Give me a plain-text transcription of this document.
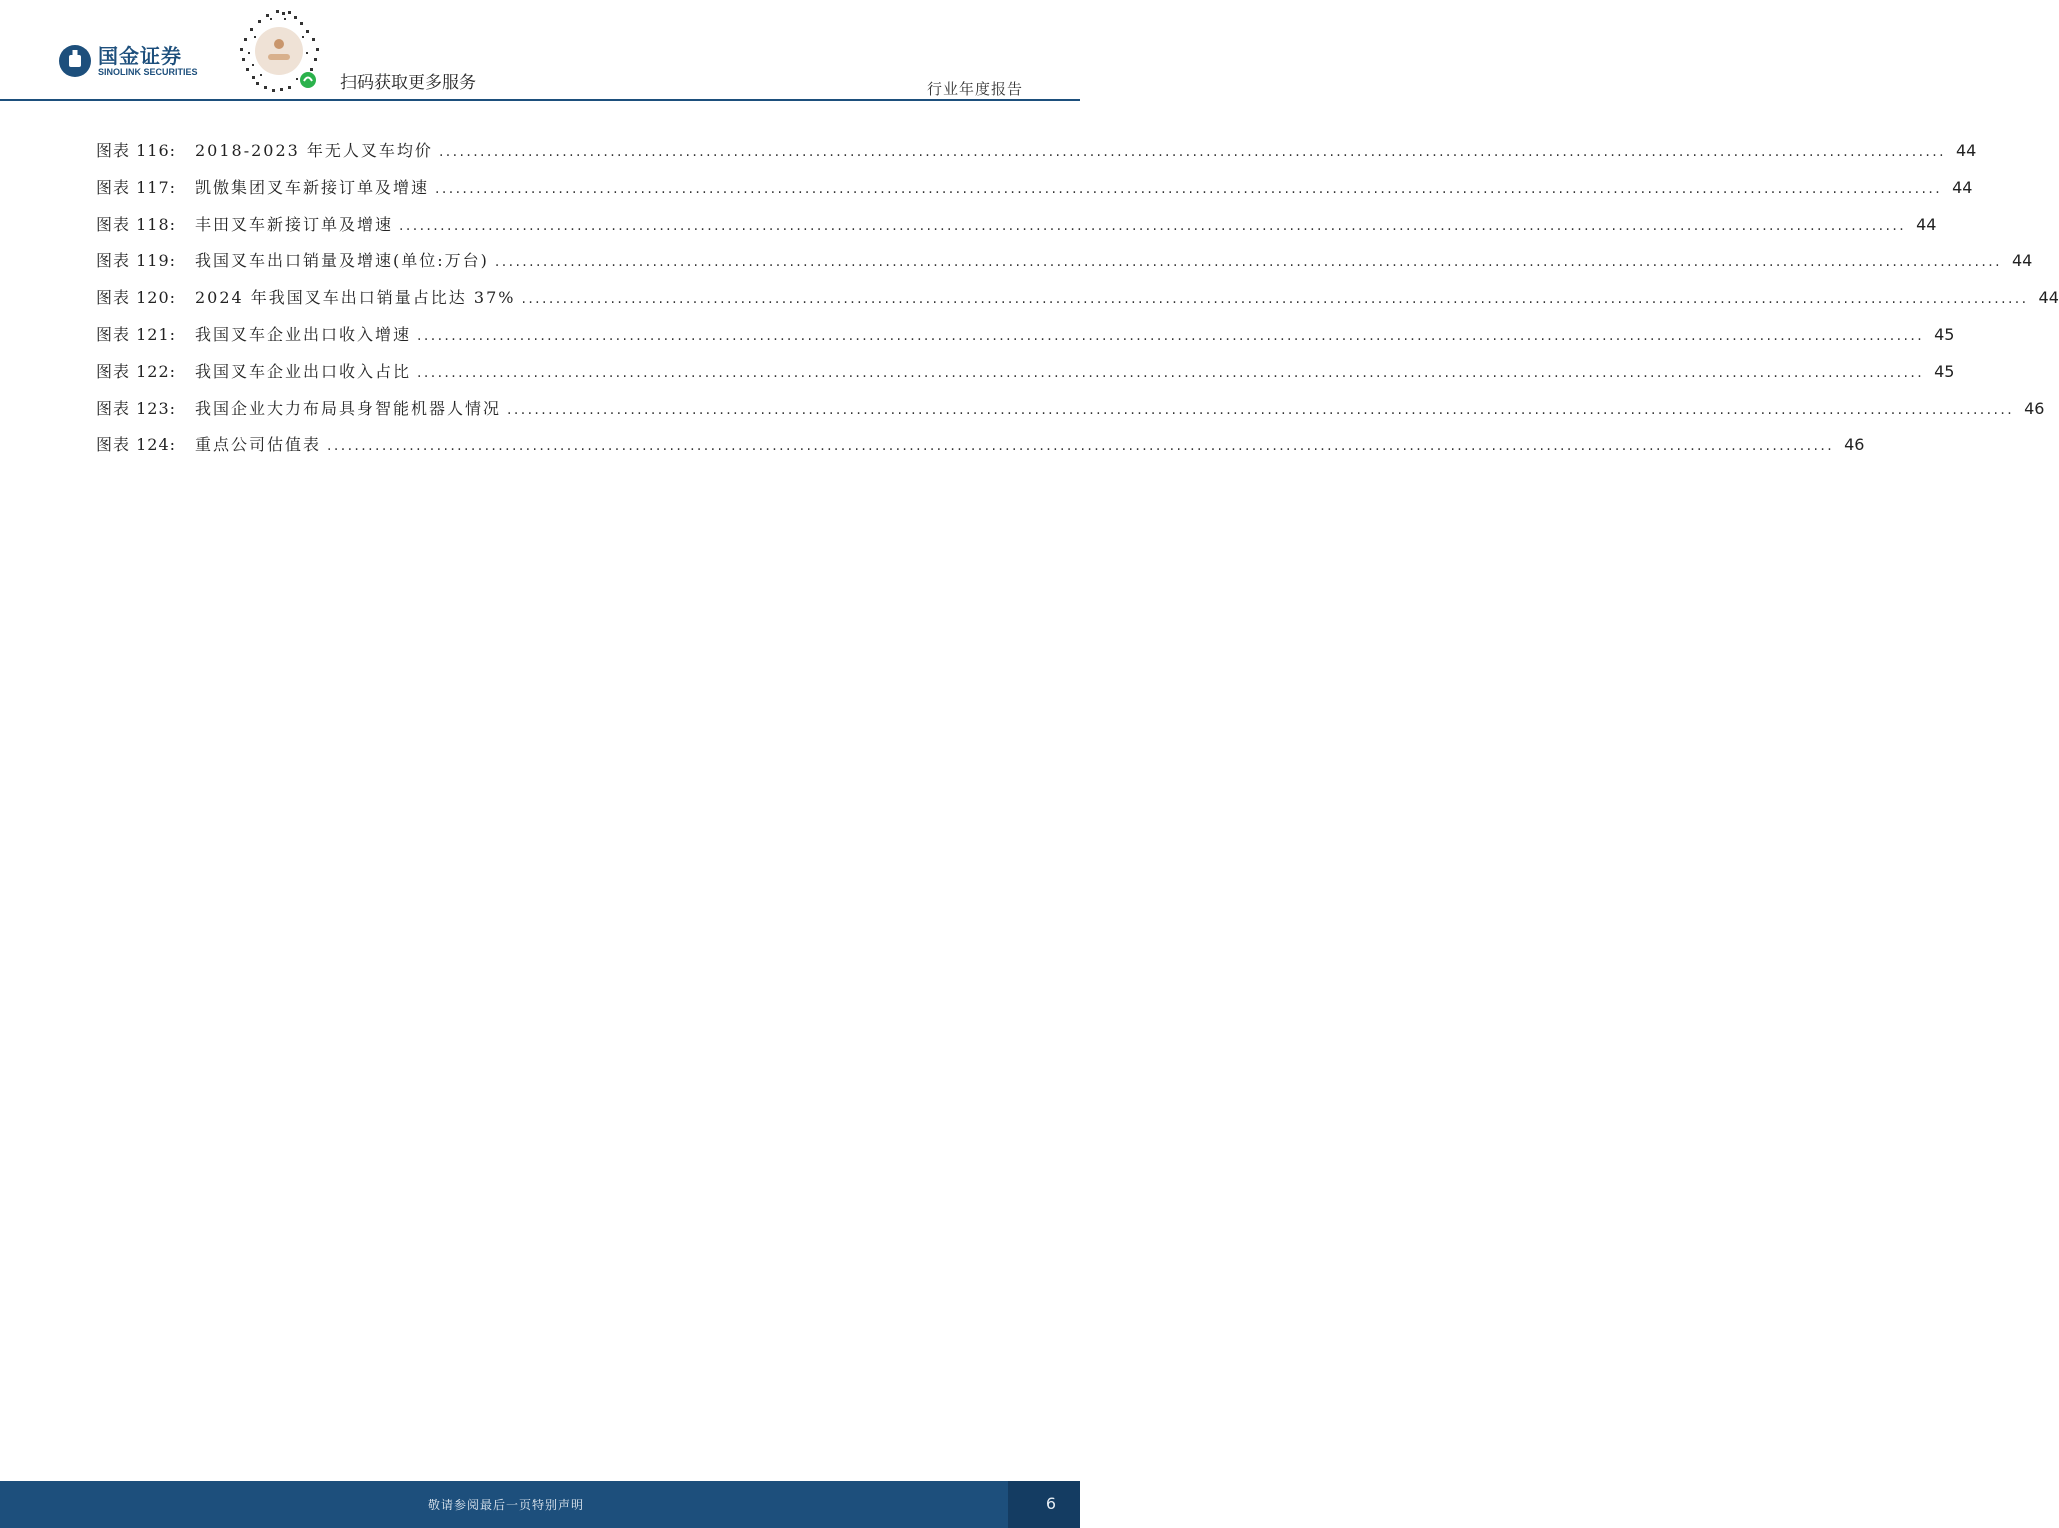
国金证券
SINOLINK SECURITIES
扫码获取更多服务	行业年度报告
图表 116:	2018-2023 年无人叉车均价 ............................................................................................................................................................................................................................ 44
图表 117:	凯傲集团叉车新接订单及增速 ............................................................................................................................................................................................................................ 44
图表 118:	丰田叉车新接订单及增速 ............................................................................................................................................................................................................................ 44
图表 119:	我国叉车出口销量及增速(单位:万台) ............................................................................................................................................................................................................................ 44
图表 120:	2024 年我国叉车出口销量占比达 37% ............................................................................................................................................................................................................................ 44
图表 121:	我国叉车企业出口收入增速 ............................................................................................................................................................................................................................ 45
图表 122:	我国叉车企业出口收入占比 ............................................................................................................................................................................................................................ 45
图表 123:	我国企业大力布局具身智能机器人情况 ............................................................................................................................................................................................................................ 46
图表 124:	重点公司估值表 ............................................................................................................................................................................................................................ 46
敬请参阅最后一页特别声明	6
